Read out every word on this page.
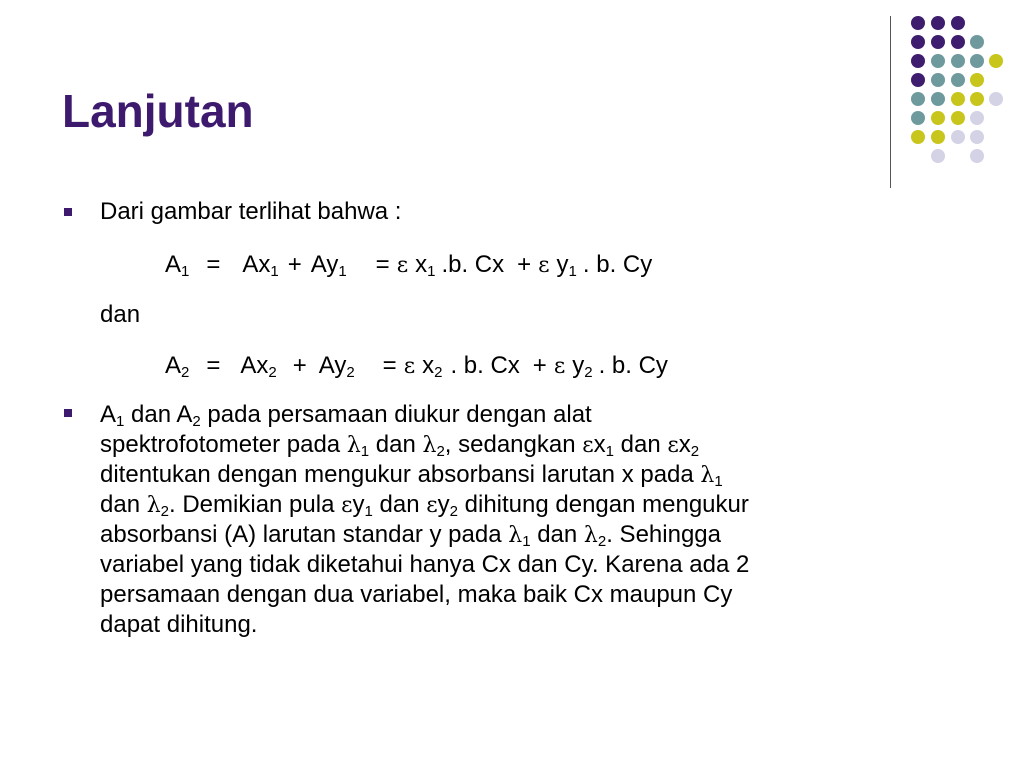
Lanjutan
Dari gambar terlihat bahwa :
$A_1 = Ax_1 + Ay_1 = \varepsilon$ $x_1$ .b. Cx + ε $y_1$ . b. Cy
dan
$A_2 = Ax_2 + Ay_2 = \varepsilon$ $x_2$ . b. Cx + ε $y_2$ . b. Cy
$A_1$ dan $A_2$ pada persamaan diukur dengan alat
spektrofotometer pada $\lambda_1$ dan $\lambda_2$, sedangkan $\varepsilon x_1$ dan $\varepsilon x_2$
ditentukan dengan mengukur absorbansi larutan x pada $\lambda_1$
dan $\lambda_2$. Demikian pula $\varepsilon y_1$ dan $\varepsilon y_2$ dihitung dengan mengukur
absorbansi (A) larutan standar y pada $\lambda_1$ dan $\lambda_2$. Sehingga
variabel yang tidak diketahui hanya Cx dan Cy. Karena ada 2
persamaan dengan dua variabel, maka baik Cx maupun Cy
dapat dihitung.
